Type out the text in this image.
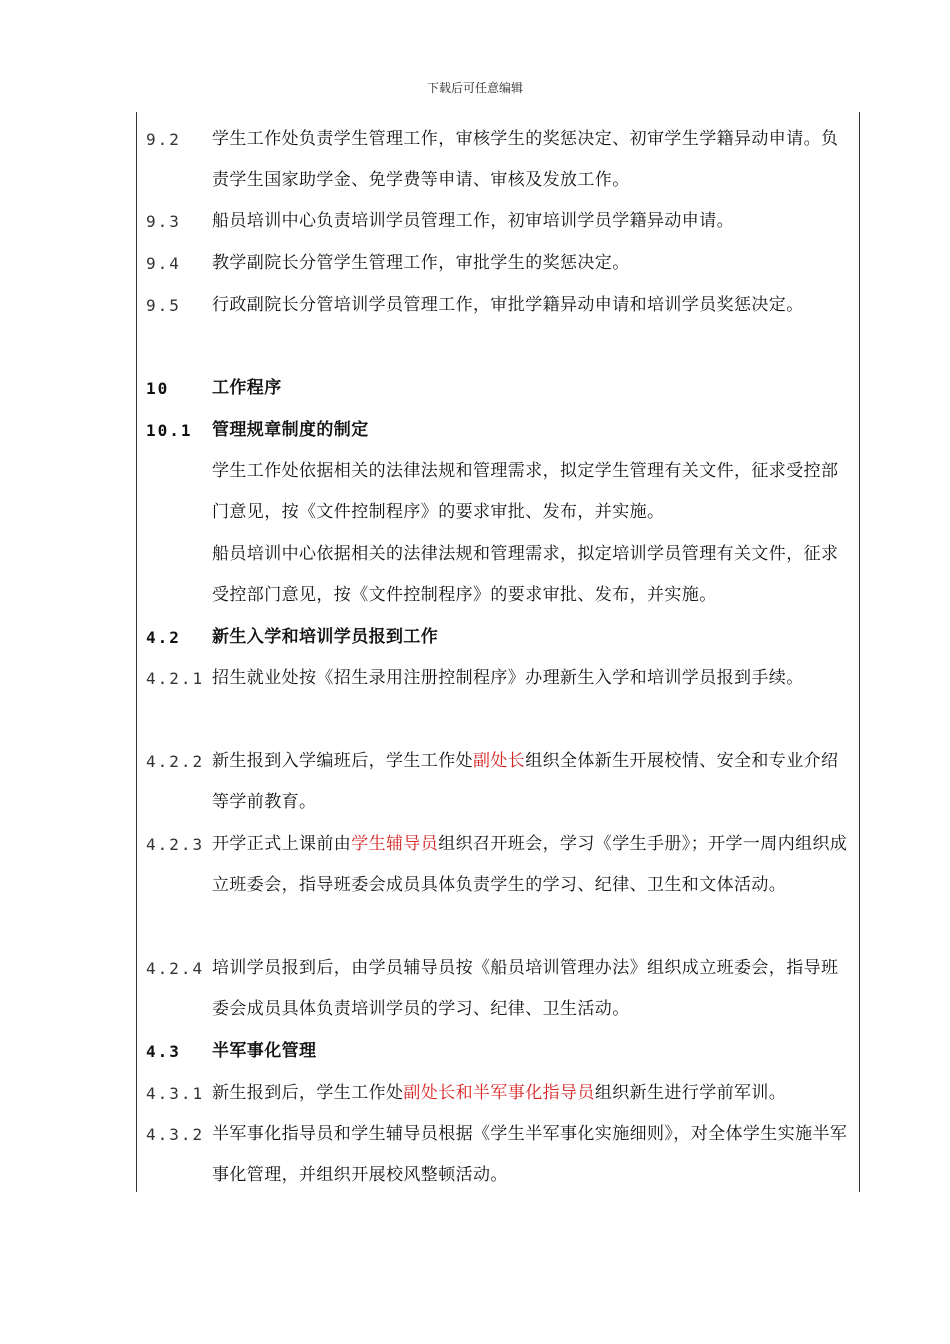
下载后可任意编辑
9.2 学生工作处负责学生管理工作，审核学生的奖惩决定、初审学生学籍异动申请。负责学生国家助学金、免学费等申请、审核及发放工作。
9.3 船员培训中心负责培训学员管理工作，初审培训学员学籍异动申请。
9.4 教学副院长分管学生管理工作，审批学生的奖惩决定。
9.5 行政副院长分管培训学员管理工作，审批学籍异动申请和培训学员奖惩决定。
10	工作程序
10.1 管理规章制度的制定
学生工作处依据相关的法律法规和管理需求，拟定学生管理有关文件，征求受控部门意见，按《文件控制程序》的要求审批、发布，并实施。
船员培训中心依据相关的法律法规和管理需求，拟定培训学员管理有关文件，征求受控部门意见，按《文件控制程序》的要求审批、发布，并实施。
4.2 新生入学和培训学员报到工作
4.2.1 招生就业处按《招生录用注册控制程序》办理新生入学和培训学员报到手续。
4.2.2 新生报到入学编班后，学生工作处副处长组织全体新生开展校情、安全和专业介绍等学前教育。
4.2.3 开学正式上课前由学生辅导员组织召开班会，学习《学生手册》；开学一周内组织成立班委会，指导班委会成员具体负责学生的学习、纪律、卫生和文体活动。
4.2.4 培训学员报到后，由学员辅导员按《船员培训管理办法》组织成立班委会，指导班委会成员具体负责培训学员的学习、纪律、卫生活动。
4.3 半军事化管理
4.3.1 新生报到后，学生工作处副处长和半军事化指导员组织新生进行学前军训。
4.3.2 半军事化指导员和学生辅导员根据《学生半军事化实施细则》，对全体学生实施半军事化管理，并组织开展校风整顿活动。
